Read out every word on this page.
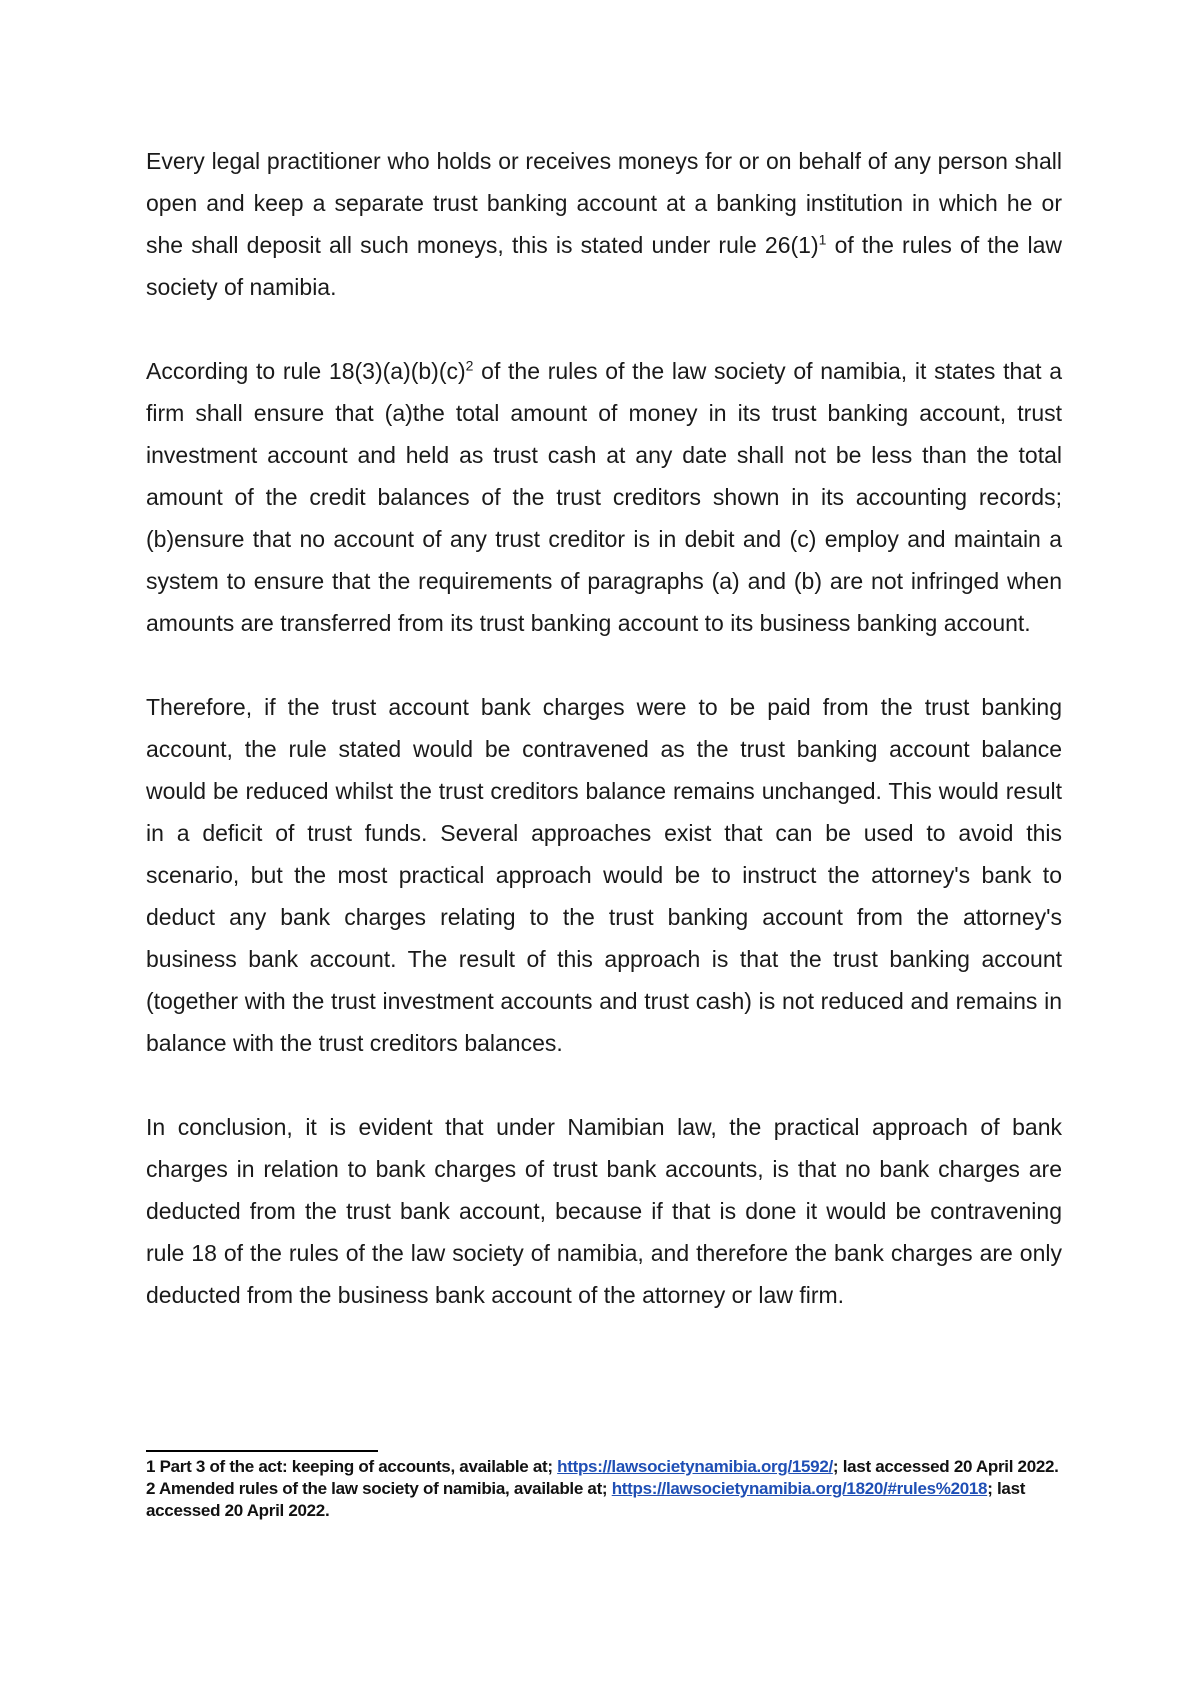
Every legal practitioner who holds or receives moneys for or on behalf of any person shall open and keep a separate trust banking account at a banking institution in which he or she shall deposit all such moneys, this is stated under rule $26(1)^1$ of the rules of the law society of namibia.

According to rule $18(3)(a)(b)(c)^2$ of the rules of the law society of namibia, it states that a firm shall ensure that (a)the total amount of money in its trust banking account, trust investment account and held as trust cash at any date shall not be less than the total amount of the credit balances of the trust creditors shown in its accounting records; (b)ensure that no account of any trust creditor is in debit and (c) employ and maintain a system to ensure that the requirements of paragraphs (a) and (b) are not infringed when amounts are transferred from its trust banking account to its business banking account.

Therefore, if the trust account bank charges were to be paid from the trust banking account, the rule stated would be contravened as the trust banking account balance would be reduced whilst the trust creditors balance remains unchanged. This would result in a deficit of trust funds. Several approaches exist that can be used to avoid this scenario, but the most practical approach would be to instruct the attorney's bank to deduct any bank charges relating to the trust banking account from the attorney's business bank account. The result of this approach is that the trust banking account (together with the trust investment accounts and trust cash) is not reduced and remains in balance with the trust creditors balances.

In conclusion, it is evident that under Namibian law, the practical approach of bank charges in relation to bank charges of trust bank accounts, is that no bank charges are deducted from the trust bank account, because if that is done it would be contravening rule 18 of the rules of the law society of namibia, and therefore the bank charges are only deducted from the business bank account of the attorney or law firm.

1 Part 3 of the act: keeping of accounts, available at; https://lawsocietynamibia.org/1592/; last accessed 20 April 2022.

2 Amended rules of the law society of namibia, available at; https://lawsocietynamibia.org/1820/#rules%2018; last accessed 20 April 2022.
